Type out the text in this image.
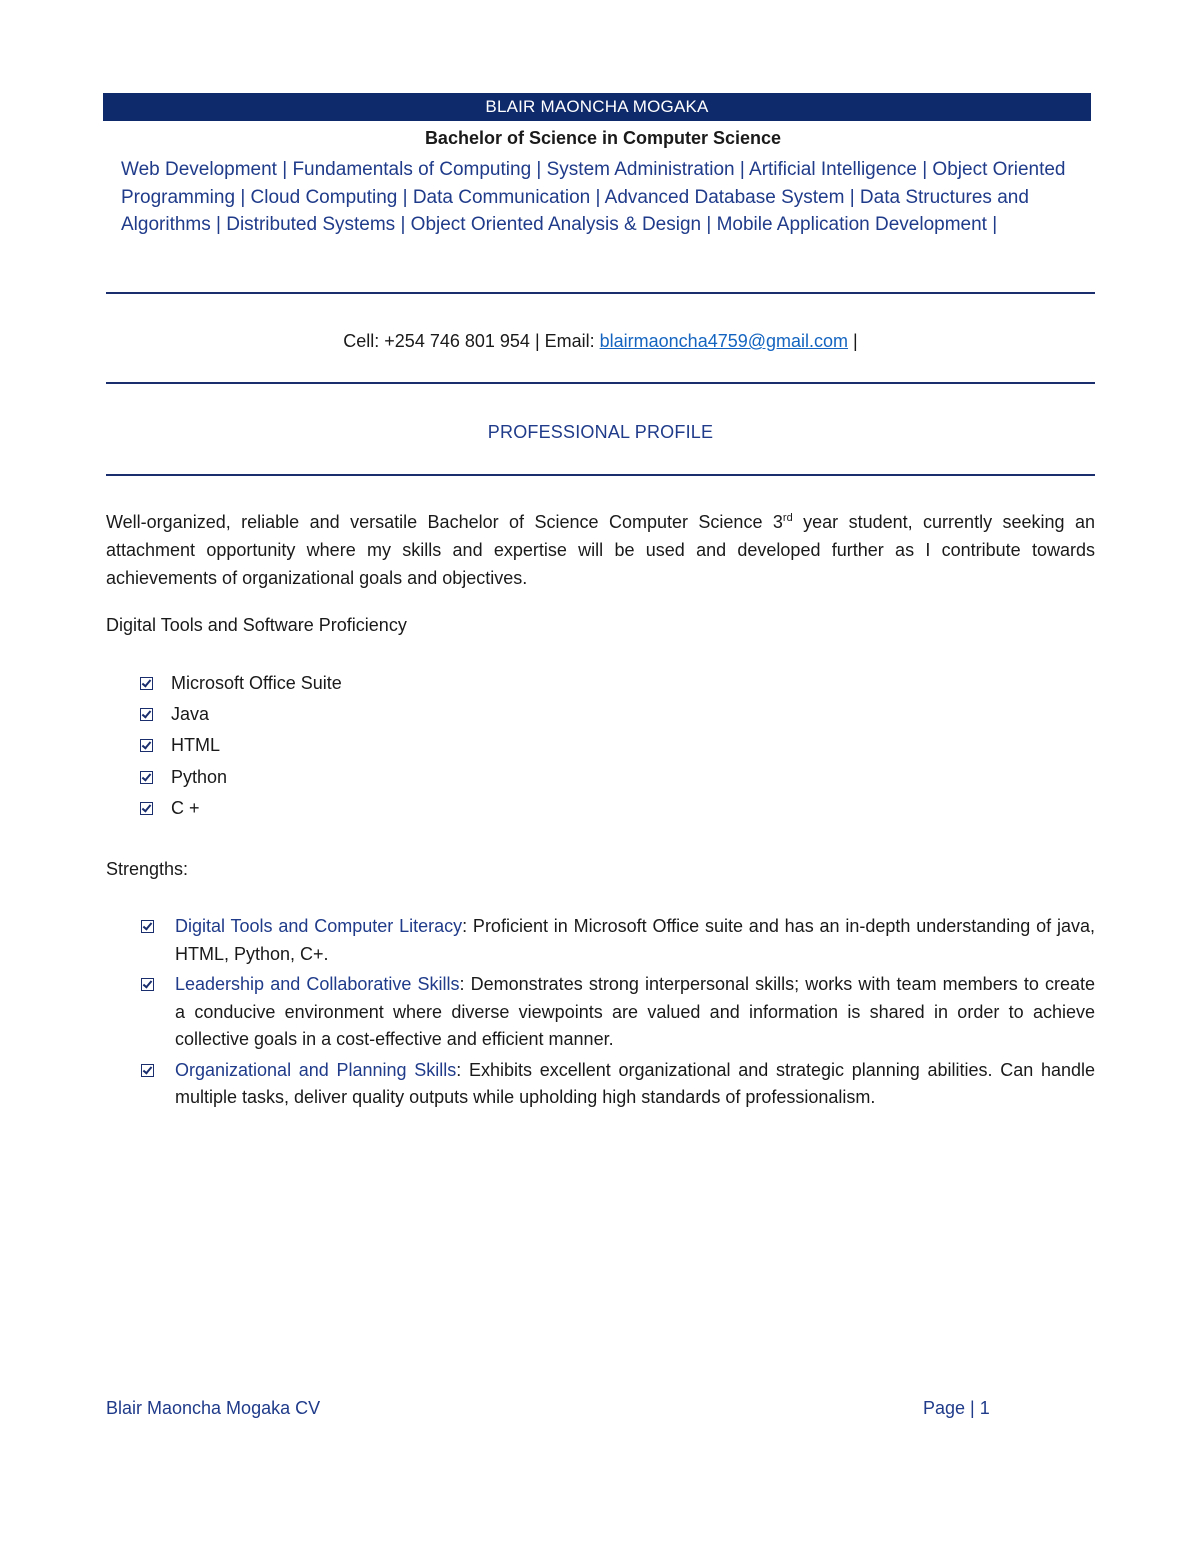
BLAIR MAONCHA MOGAKA
Bachelor of Science in Computer Science
Web Development | Fundamentals of Computing | System Administration | Artificial Intelligence | Object Oriented Programming | Cloud Computing | Data Communication | Advanced Database System | Data Structures and Algorithms | Distributed Systems | Object Oriented Analysis & Design | Mobile Application Development |
Cell: +254 746 801 954 | Email: blairmaoncha4759@gmail.com |
PROFESSIONAL PROFILE
Well-organized, reliable and versatile Bachelor of Science Computer Science 3rd year student, currently seeking an attachment opportunity where my skills and expertise will be used and developed further as I contribute towards achievements of organizational goals and objectives.
Digital Tools and Software Proficiency
Microsoft Office Suite
Java
HTML
Python
C +
Strengths:
Digital Tools and Computer Literacy: Proficient in Microsoft Office suite and has an in-depth understanding of java, HTML, Python, C+.
Leadership and Collaborative Skills: Demonstrates strong interpersonal skills; works with team members to create a conducive environment where diverse viewpoints are valued and information is shared in order to achieve collective goals in a cost-effective and efficient manner.
Organizational and Planning Skills: Exhibits excellent organizational and strategic planning abilities. Can handle multiple tasks, deliver quality outputs while upholding high standards of professionalism.
Blair Maoncha Mogaka CV	Page | 1
